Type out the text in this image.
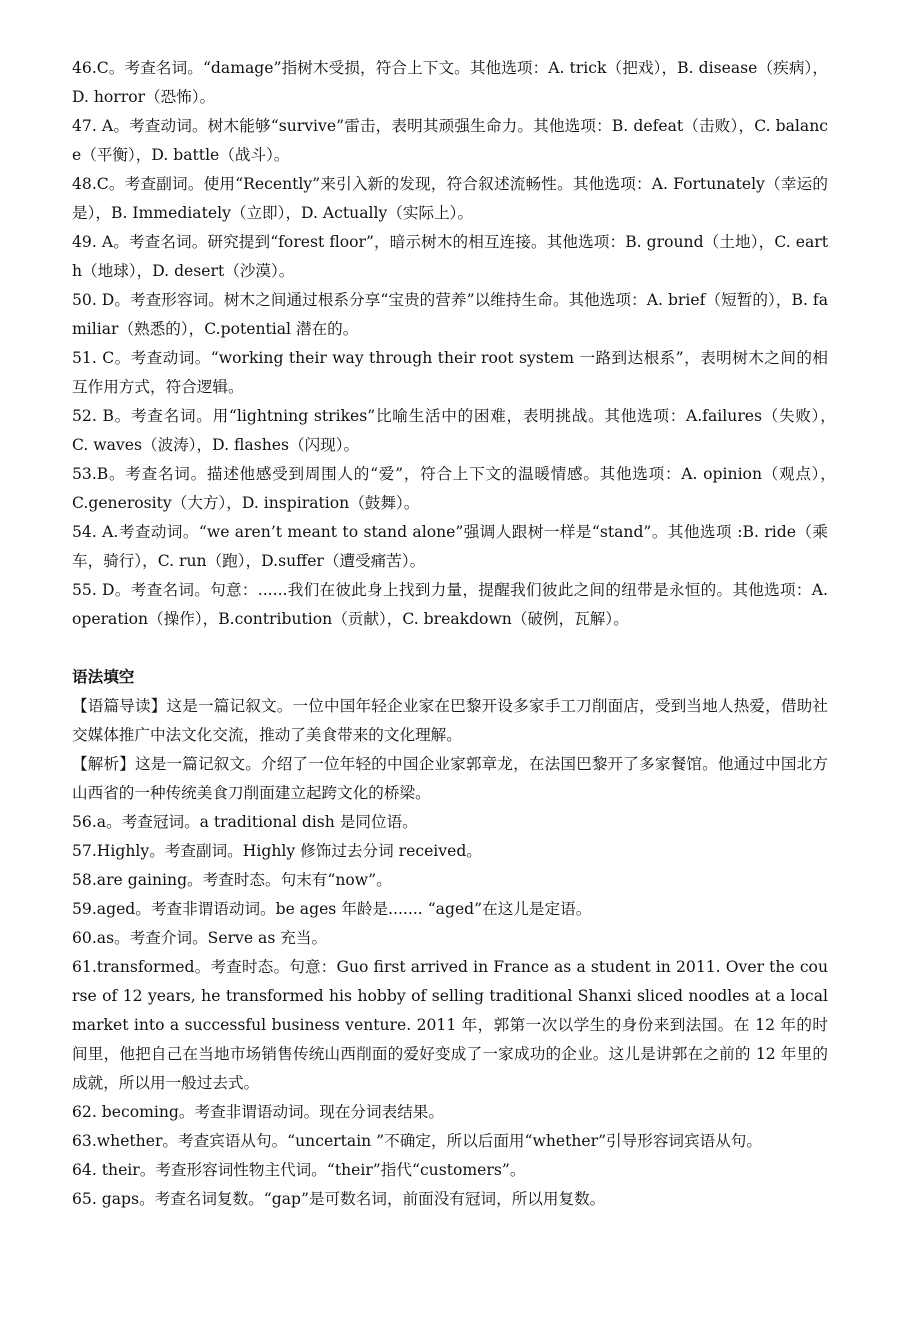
46.C。考查名词。“damage”指树木受损，符合上下文。其他选项：A. trick（把戏），B. disease（疾病），D. horror（恐怖）。

47. A。考查动词。树木能够“survive”雷击，表明其顽强生命力。其他选项：B. defeat（击败），C. balance（平衡），D. battle（战斗）。

48.C。考查副词。使用“Recently”来引入新的发现，符合叙述流畅性。其他选项：A. Fortunately（幸运的是），B. Immediately（立即），D. Actually（实际上）。

49. A。考查名词。研究提到“forest floor”，暗示树木的相互连接。其他选项：B. ground（土地），C. earth（地球），D. desert（沙漠）。

50. D。考查形容词。树木之间通过根系分享“宝贵的营养”以维持生命。其他选项：A. brief（短暂的），B. familiar（熟悉的），C.potential 潜在的。

51. C。考查动词。“working their way through their root system 一路到达根系”，表明树木之间的相互作用方式，符合逻辑。

52. B。考查名词。用“lightning strikes”比喻生活中的困难，表明挑战。其他选项：A.failures（失败），　　　C. waves（波涛），D. flashes（闪现）。

53.B。考查名词。描述他感受到周围人的“爱”，符合上下文的温暖情感。其他选项：A. opinion（观点），　　　C.generosity（大方），D. inspiration（鼓舞）。

54. A.考查动词。“we aren’t meant to stand alone”强调人跟树一样是“stand”。其他选项 :B. ride（乘车，骑行），C. run（跑），D.suffer（遭受痛苦）。

55. D。考查名词。句意：......我们在彼此身上找到力量，提醒我们彼此之间的纽带是永恒的。其他选项：A. operation（操作），B.contribution（贡献），C. breakdown（破例，瓦解）。

语法填空

【语篇导读】这是一篇记叙文。一位中国年轻企业家在巴黎开设多家手工刀削面店，受到当地人热爱，借助社交媒体推广中法文化交流，推动了美食带来的文化理解。

【解析】这是一篇记叙文。介绍了一位年轻的中国企业家郭章龙，在法国巴黎开了多家餐馆。他通过中国北方山西省的一种传统美食刀削面建立起跨文化的桥梁。

56.a。考查冠词。a traditional dish 是同位语。

57.Highly。考查副词。Highly 修饰过去分词 received。

58.are gaining。考查时态。句末有“now”。

59.aged。考查非谓语动词。be ages 年龄是....... “aged”在这儿是定语。

60.as。考查介词。Serve as 充当。

61.transformed。考查时态。句意：Guo first arrived in France as a student in 2011. Over the course of 12 years, he transformed his hobby of selling traditional Shanxi sliced noodles at a local market into a successful business venture. 2011 年，郭第一次以学生的身份来到法国。在 12 年的时间里，他把自己在当地市场销售传统山西削面的爱好变成了一家成功的企业。这儿是讲郭在之前的 12 年里的成就，所以用一般过去式。

62. becoming。考查非谓语动词。现在分词表结果。

63.whether。考查宾语从句。“uncertain ”不确定，所以后面用“whether”引导形容词宾语从句。

64. their。考查形容词性物主代词。“their”指代“customers”。

65. gaps。考查名词复数。“gap”是可数名词，前面没有冠词，所以用复数。
